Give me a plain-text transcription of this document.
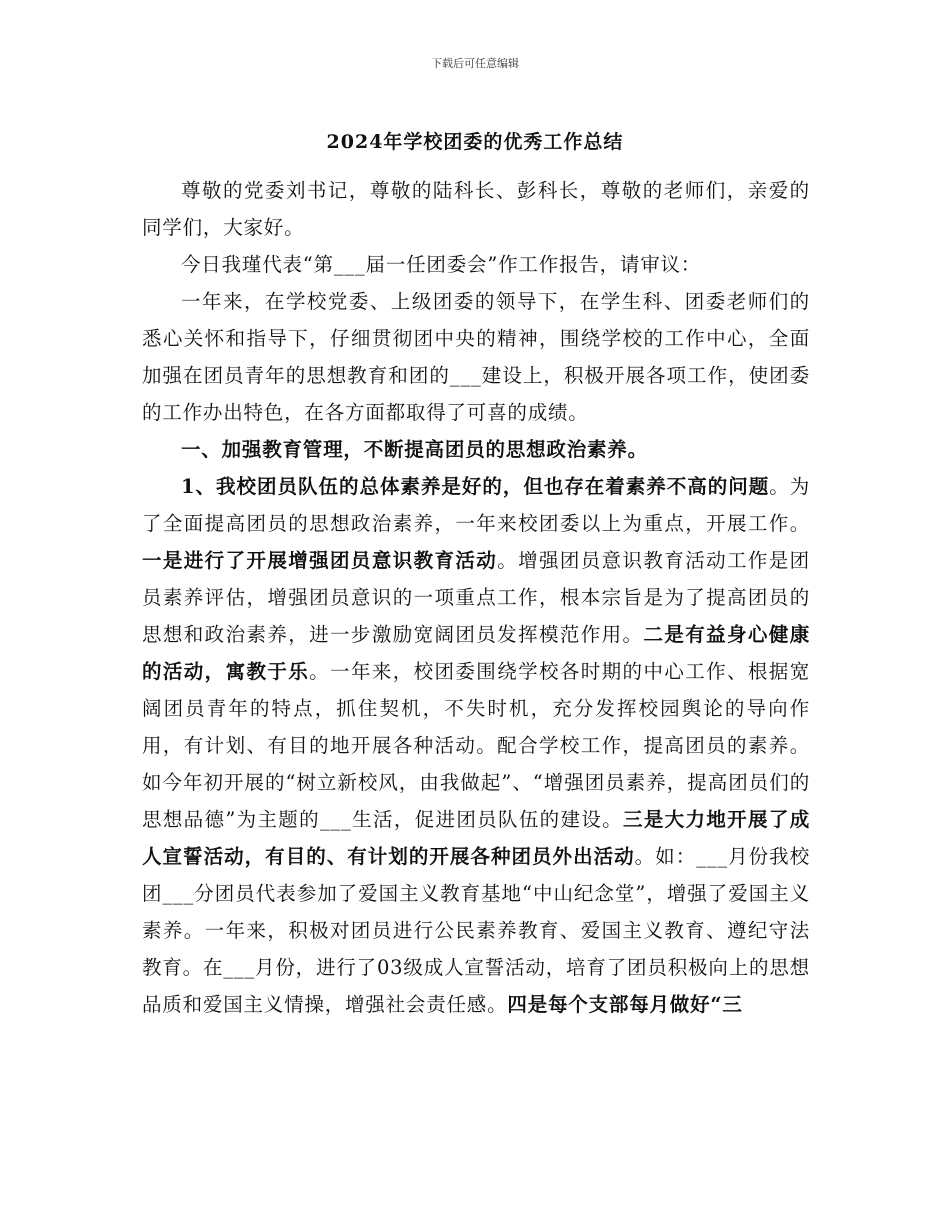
下载后可任意编辑
2024年学校团委的优秀工作总结

尊敬的党委刘书记，尊敬的陆科长、彭科长，尊敬的老师们，亲爱的同学们，大家好。

今日我瑾代表“第___届一任团委会”作工作报告，请审议：

一年来，在学校党委、上级团委的领导下，在学生科、团委老师们的悉心关怀和指导下，仔细贯彻团中央的精神，围绕学校的工作中心，全面加强在团员青年的思想教育和团的___建设上，积极开展各项工作，使团委的工作办出特色，在各方面都取得了可喜的成绩。

一、加强教育管理，不断提高团员的思想政治素养。

1、我校团员队伍的总体素养是好的，但也存在着素养不高的问题。为了全面提高团员的思想政治素养，一年来校团委以上为重点，开展工作。一是进行了开展增强团员意识教育活动。增强团员意识教育活动工作是团员素养评估，增强团员意识的一项重点工作，根本宗旨是为了提高团员的思想和政治素养，进一步激励宽阔团员发挥模范作用。二是有益身心健康的活动，寓教于乐。一年来，校团委围绕学校各时期的中心工作、根据宽阔团员青年的特点，抓住契机，不失时机，充分发挥校园舆论的导向作用，有计划、有目的地开展各种活动。配合学校工作，提高团员的素养。如今年初开展的“树立新校风，由我做起”、“增强团员素养，提高团员们的思想品德”为主题的___生活，促进团员队伍的建设。三是大力地开展了成人宣誓活动，有目的、有计划的开展各种团员外出活动。如：___月份我校团___分团员代表参加了爱国主义教育基地“中山纪念堂”，增强了爱国主义素养。一年来，积极对团员进行公民素养教育、爱国主义教育、遵纪守法教育。在___月份，进行了03级成人宣誓活动，培育了团员积极向上的思想品质和爱国主义情操，增强社会责任感。四是每个支部每月做好“三
